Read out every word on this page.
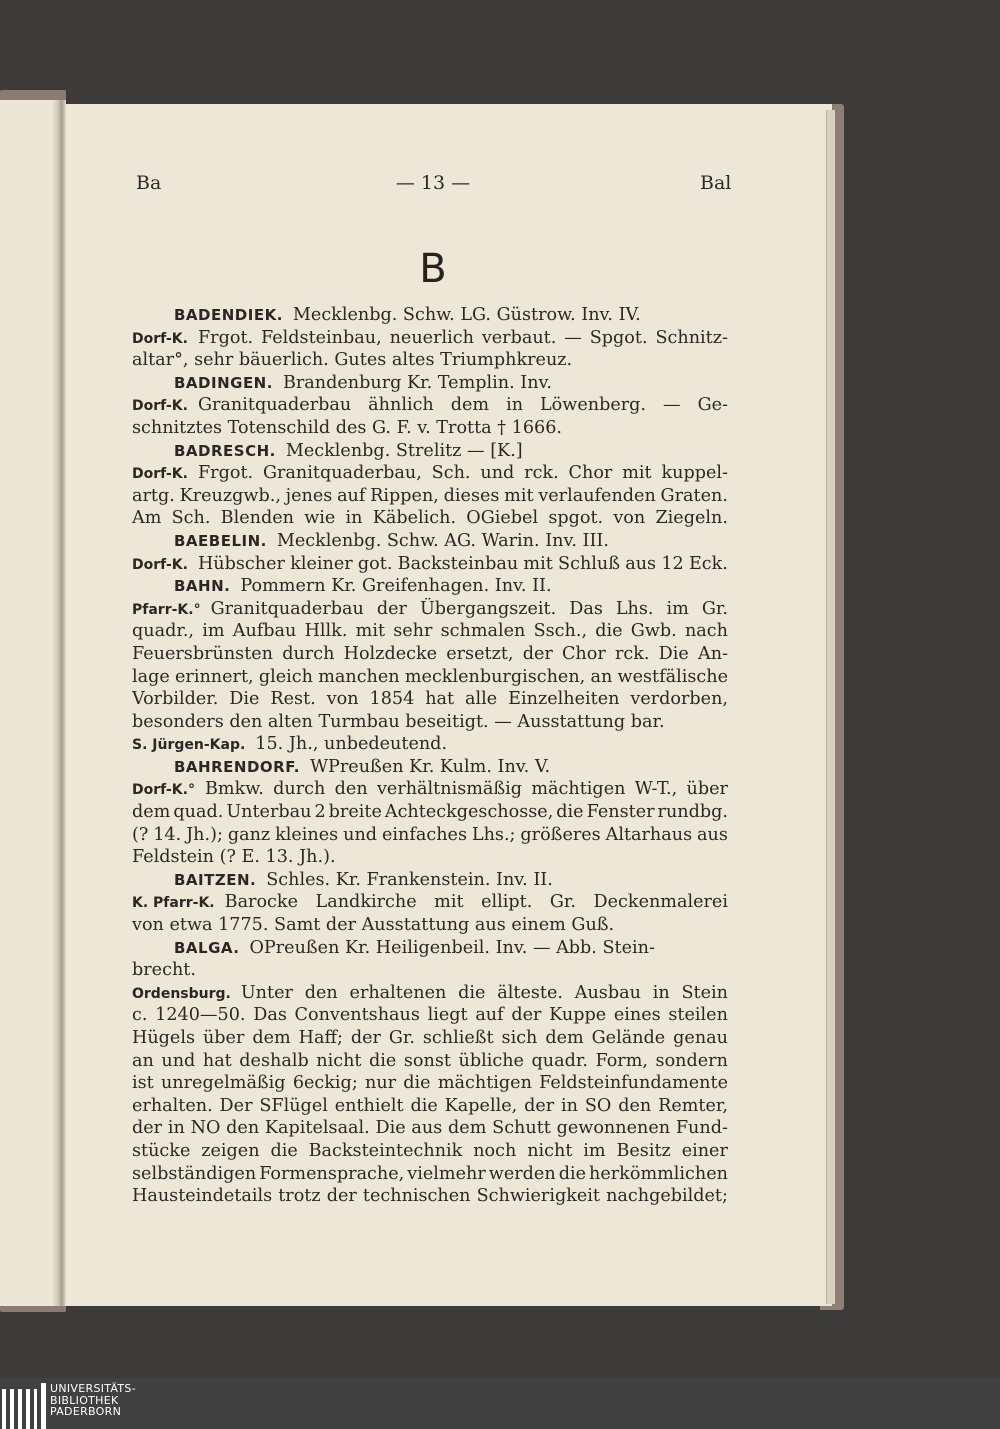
Ba	— 13 —	Bal
B
BADENDIEK. Mecklenbg. Schw. LG. Güstrow. Inv. IV.
Dorf-K. Frgot. Feldsteinbau, neuerlich verbaut. — Spgot. Schnitz-
altar°, sehr bäuerlich. Gutes altes Triumphkreuz.
BADINGEN. Brandenburg Kr. Templin. Inv.
Dorf-K. Granitquaderbau ähnlich dem in Löwenberg. — Ge-
schnitztes Totenschild des G. F. v. Trotta † 1666.
BADRESCH. Mecklenbg. Strelitz — [K.]
Dorf-K. Frgot. Granitquaderbau, Sch. und rck. Chor mit kuppel-
artg. Kreuzgwb., jenes auf Rippen, dieses mit verlaufenden Graten.
Am Sch. Blenden wie in Käbelich. OGiebel spgot. von Ziegeln.
BAEBELIN. Mecklenbg. Schw. AG. Warin. Inv. III.
Dorf-K. Hübscher kleiner got. Backsteinbau mit Schluß aus 12 Eck.
BAHN. Pommern Kr. Greifenhagen. Inv. II.
Pfarr-K.° Granitquaderbau der Übergangszeit. Das Lhs. im Gr.
quadr., im Aufbau Hllk. mit sehr schmalen Ssch., die Gwb. nach
Feuersbrünsten durch Holzdecke ersetzt, der Chor rck. Die An-
lage erinnert, gleich manchen mecklenburgischen, an westfälische
Vorbilder. Die Rest. von 1854 hat alle Einzelheiten verdorben,
besonders den alten Turmbau beseitigt. — Ausstattung bar.
S. Jürgen-Kap. 15. Jh., unbedeutend.
BAHRENDORF. WPreußen Kr. Kulm. Inv. V.
Dorf-K.° Bmkw. durch den verhältnismäßig mächtigen W-T., über
dem quad. Unterbau 2 breite Achteckgeschosse, die Fenster rundbg.
(? 14. Jh.); ganz kleines und einfaches Lhs.; größeres Altarhaus aus
Feldstein (? E. 13. Jh.).
BAITZEN. Schles. Kr. Frankenstein. Inv. II.
K. Pfarr-K. Barocke Landkirche mit ellipt. Gr. Deckenmalerei
von etwa 1775. Samt der Ausstattung aus einem Guß.
BALGA. OPreußen Kr. Heiligenbeil. Inv. — Abb. Stein-
brecht.
Ordensburg. Unter den erhaltenen die älteste. Ausbau in Stein
c. 1240—50. Das Conventshaus liegt auf der Kuppe eines steilen
Hügels über dem Haff; der Gr. schließt sich dem Gelände genau
an und hat deshalb nicht die sonst übliche quadr. Form, sondern
ist unregelmäßig 6eckig; nur die mächtigen Feldsteinfundamente
erhalten. Der SFlügel enthielt die Kapelle, der in SO den Remter,
der in NO den Kapitelsaal. Die aus dem Schutt gewonnenen Fund-
stücke zeigen die Backsteintechnik noch nicht im Besitz einer
selbständigen Formensprache, vielmehr werden die herkömmlichen
Hausteindetails trotz der technischen Schwierigkeit nachgebildet;
UNIVERSITÄTS-
BIBLIOTHEK
PADERBORN
